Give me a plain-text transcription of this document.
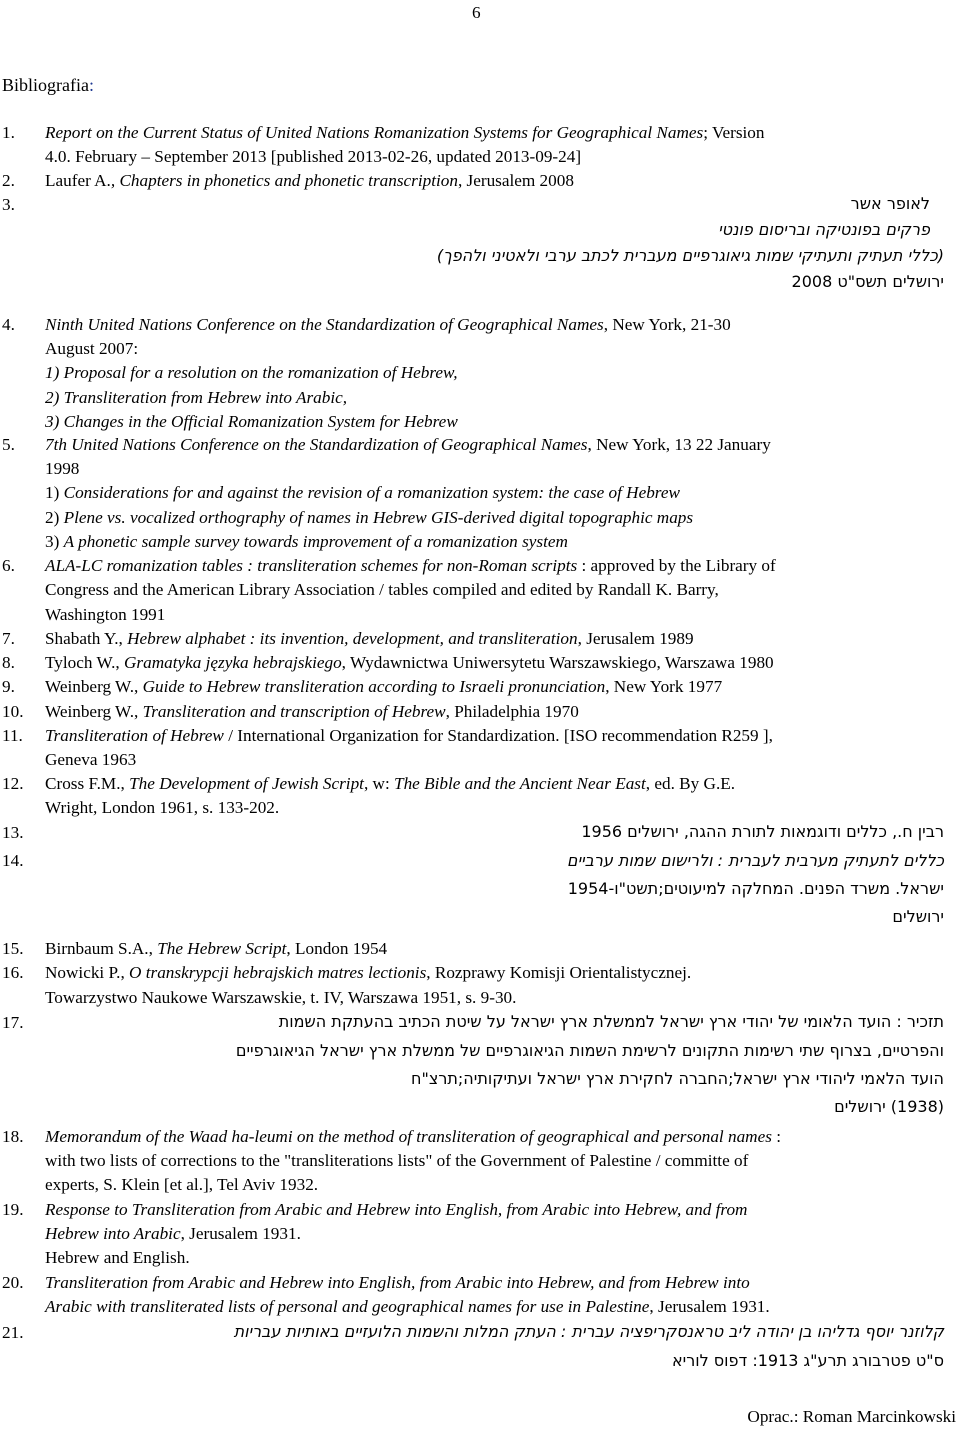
6
Bibliografia:
1. Report on the Current Status of United Nations Romanization Systems for Geographical Names; Version
4.0. February – September 2013 [published 2013-02-26, updated 2013-09-24]
2. Laufer A., Chapters in phonetics and phonetic transcription, Jerusalem 2008
3.	לאופר אשר
פרקים בפונטיקה ובריסום פונטי
(כללי תעתיק ותעתיקי שמות גיאוגרפיים מעברית לכתב ערבי ולאטיני ולהפך)
ירושלים תשס"ט 2008
4. Ninth United Nations Conference on the Standardization of Geographical Names, New York, 21-30
August 2007:
1) Proposal for a resolution on the romanization of Hebrew,
2) Transliteration from Hebrew into Arabic,
3) Changes in the Official Romanization System for Hebrew
5. 7th United Nations Conference on the Standardization of Geographical Names, New York, 13 22 January
1998
1) Considerations for and against the revision of a romanization system: the case of Hebrew
2) Plene vs. vocalized orthography of names in Hebrew GIS-derived digital topographic maps
3) A phonetic sample survey towards improvement of a romanization system
6. ALA-LC romanization tables : transliteration schemes for non-Roman scripts : approved by the Library of
Congress and the American Library Association / tables compiled and edited by Randall K. Barry,
Washington 1991
7. Shabath Y., Hebrew alphabet : its invention, development, and transliteration, Jerusalem 1989
8. Tyloch W., Gramatyka języka hebrajskiego, Wydawnictwa Uniwersytetu Warszawskiego, Warszawa 1980
9. Weinberg W., Guide to Hebrew transliteration according to Israeli pronunciation, New York 1977
10. Weinberg W., Transliteration and transcription of Hebrew, Philadelphia 1970
11. Transliteration of Hebrew / International Organization for Standardization. [ISO recommendation R259 ],
Geneva 1963
12. Cross F.M., The Development of Jewish Script, w: The Bible and the Ancient Near East, ed. By G.E.
Wright, London 1961, s. 133-202.
13.	רבין ח., כללים ודוגמאות לתורת ההגה, ירושלים 1956
14.	כללים לתעתיק מערבית לעברית : ולרישום שמות ערביים
ישראל. משרד הפנים. המחלקה למיעוטים;תשט"ו-1954
ירושלים
15. Birnbaum S.A., The Hebrew Script, London 1954
16. Nowicki P., O transkrypcji hebrajskich matres lectionis, Rozprawy Komisji Orientalistycznej.
Towarzystwo Naukowe Warszawskie, t. IV, Warszawa 1951, s. 9-30.
17.	תזכיר : הועד הלאומי של יהודי ארץ ישראל לממשלת ארץ ישראל על שיטת הכתיב בהעתקת השמות
והפרטיים, בצרוף שתי רשימות התקונים לרשימת השמות הגיאוגרפיים של ממשלת ארץ ישראל הגיאוגרפיים
הועד הלאמי ליהודי ארץ ישראל;החברה לחקירת ארץ ישראל ועתיקותיה;תרצ"ח
(1938) ירושלים
18. Memorandum of the Waad ha-leumi on the method of transliteration of geographical and personal names :
with two lists of corrections to the "transliterations lists" of the Government of Palestine / committe of
experts, S. Klein [et al.], Tel Aviv 1932.
19. Response to Transliteration from Arabic and Hebrew into English, from Arabic into Hebrew, and from
Hebrew into Arabic, Jerusalem 1931.
Hebrew and English.
20. Transliteration from Arabic and Hebrew into English, from Arabic into Hebrew, and from Hebrew into
Arabic with transliterated lists of personal and geographical names for use in Palestine, Jerusalem 1931.
21.	קלוזנר יוסף גדליהו בן יהודה ליב טראנסקריפציה עברית : העתק המלות והשמות הלועזיים באותיות עבריות
ס"ט פטרבורג תרע"ג 1913: דפוס לוריא
Oprac.: Roman Marcinkowski
